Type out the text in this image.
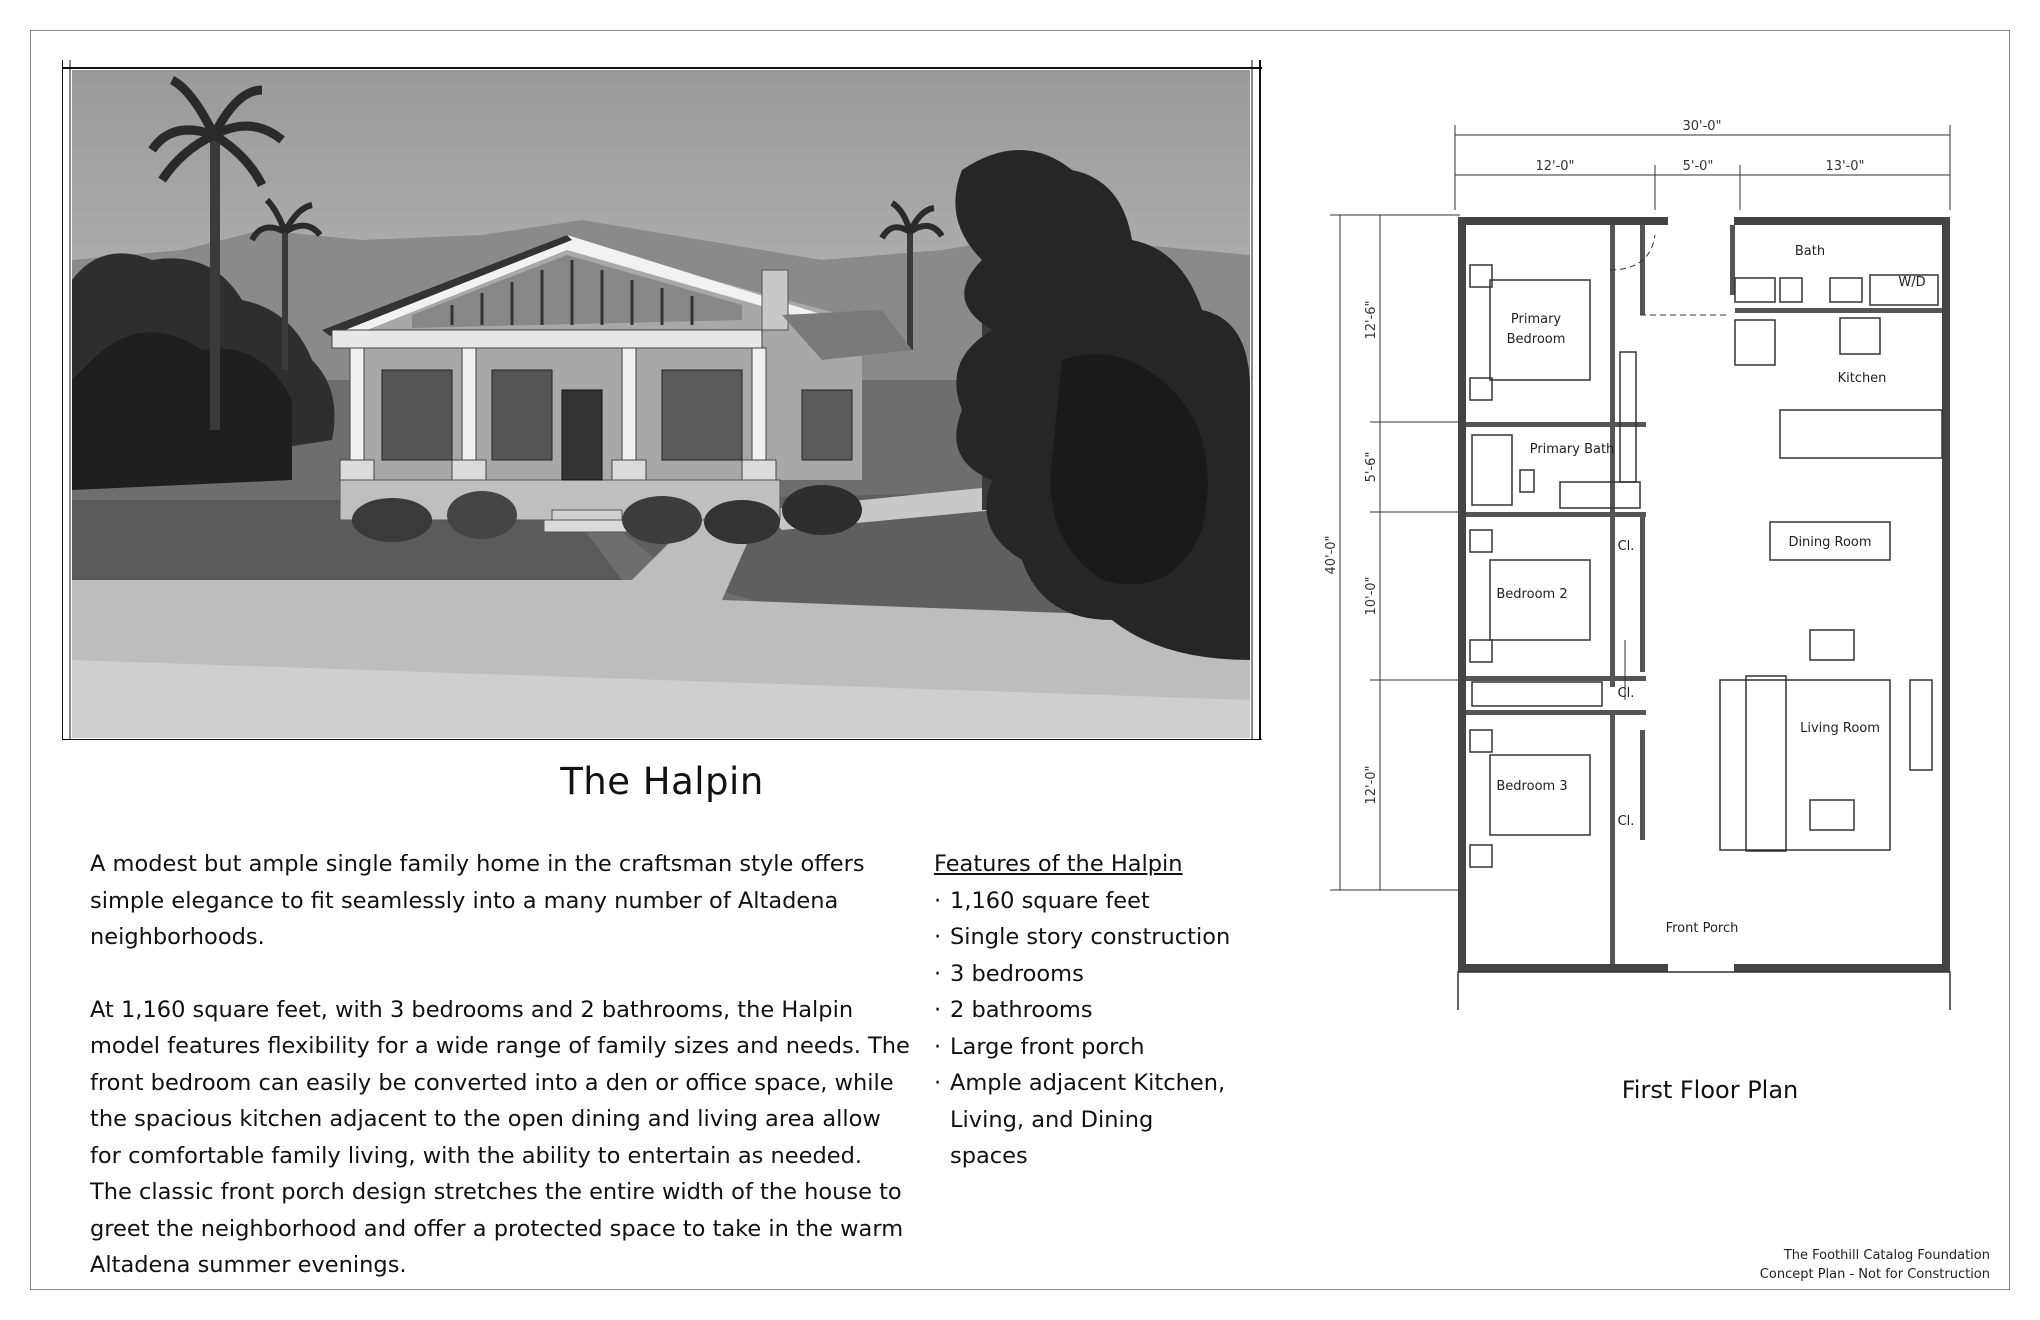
The Halpin

A modest but ample single family home in the craftsman style offers simple elegance to fit seamlessly into a many number of Altadena neighborhoods.

At 1,160 square feet, with 3 bedrooms and 2 bathrooms, the Halpin model features flexibility for a wide range of family sizes and needs. The front bedroom can easily be converted into a den or office space, while the spacious kitchen adjacent to the open dining and living area allow for comfortable family living, with the ability to entertain as needed. The classic front porch design stretches the entire width of the house to greet the neighborhood and offer a protected space to take in the warm Altadena summer evenings.

Features of the Halpin
· 1,160 square feet
· Single story construction
· 3 bedrooms
· 2 bathrooms
· Large front porch
· Ample adjacent Kitchen, Living, and Dining spaces
30'-0"
12'-0"	5'-0"	13'-0"
40'-0"
12'-6"
5'-6"
10'-0"
12'-0"
Primary
Bedroom
Bath
W/D
Kitchen
Primary Bath
Dining Room
Bedroom 2
Cl.
Cl.
Cl.
Living Room
Bedroom 3
Front Porch
First Floor Plan
The Foothill Catalog Foundation
Concept Plan - Not for Construction
